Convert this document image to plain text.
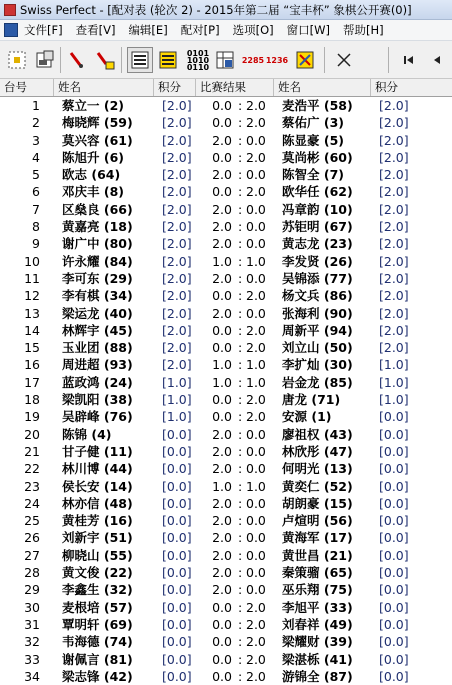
Swiss Perfect - [配对表 (轮次 2) - 2015年第二届 “宝丰杯” 象棋公开赛(0)]
文件[F] 查看[V] 编辑[E] 配对[P] 选项[O] 窗口[W] 帮助[H]
0101
1010
0110
2285 1236
台号	姓名	积分	比赛结果	姓名	积分
1 蔡立一 (2)	[2.0]	0.0 : 2.0 麦浩平 (58) [2.0]
2 梅晓辉 (59) [2.0]	0.0 : 2.0 蔡佑广 (3)	[2.0]
3 莫兴容 (61) [2.0]	2.0 : 0.0 陈显豪 (5)	[2.0]
4 陈旭升 (6)	[2.0]	0.0 : 2.0 莫尚彬 (60) [2.0]
5 欧志 (64)	[2.0]	2.0 : 0.0 陈智全 (7)	[2.0]
6 邓庆丰 (8)	[2.0]	0.0 : 2.0 欧华任 (62) [2.0]
7 区燊良 (66) [2.0]	2.0 : 0.0 冯章韵 (10) [2.0]
8 黄嘉亮 (18) [2.0]	2.0 : 0.0 苏钜明 (67) [2.0]
9 谢广中 (80) [2.0]	2.0 : 0.0 黄志龙 (23) [2.0]
10 许永耀 (84) [2.0]	1.0 : 1.0 李发贤 (26) [2.0]
11 李可东 (29) [2.0]	2.0 : 0.0 吴锦添 (77) [2.0]
12 李有棋 (34) [2.0]	0.0 : 2.0 杨文兵 (86) [2.0]
13 梁运龙 (40) [2.0]	2.0 : 0.0 张海利 (90) [2.0]
14 林辉宇 (45) [2.0]	0.0 : 2.0 周新平 (94) [2.0]
15 玉业团 (88) [2.0]	0.0 : 2.0 刘立山 (50) [2.0]
16 周进超 (93) [2.0]	1.0 : 1.0 李扩灿 (30) [1.0]
17 蓝政鸿 (24) [1.0]	1.0 : 1.0 岩金龙 (85) [1.0]
18 梁凯阳 (38) [1.0]	0.0 : 2.0 唐龙 (71)	[1.0]
19 吴辟峰 (76) [1.0]	0.0 : 2.0 安源 (1)	[0.0]
20 陈锦 (4)	[0.0]	2.0 : 0.0 廖祖权 (43) [0.0]
21 甘子健 (11) [0.0]	2.0 : 0.0 林欣彤 (47) [0.0]
22 林川博 (44) [0.0]	2.0 : 0.0 何明光 (13) [0.0]
23 侯长安 (14) [0.0]	1.0 : 1.0 黄奕仁 (52) [0.0]
24 林亦信 (48) [0.0]	2.0 : 0.0 胡朗豪 (15) [0.0]
25 黄桂芳 (16) [0.0]	2.0 : 0.0 卢煊明 (56) [0.0]
26 刘新宇 (51) [0.0]	2.0 : 0.0 黄海军 (17) [0.0]
27 柳晓山 (55) [0.0]	2.0 : 0.0 黄世昌 (21) [0.0]
28 黄文俊 (22) [0.0]	2.0 : 0.0 秦策骝 (65) [0.0]
29 李鑫生 (32) [0.0]	2.0 : 0.0 巫乐翔 (75) [0.0]
30 麦根培 (57) [0.0]	0.0 : 2.0 李旭平 (33) [0.0]
31 覃明轩 (69) [0.0]	0.0 : 2.0 刘春祥 (49) [0.0]
32 韦海德 (74) [0.0]	0.0 : 2.0 梁耀财 (39) [0.0]
33 谢佩言 (81) [0.0]	0.0 : 2.0 梁湛栎 (41) [0.0]
34 梁志锋 (42) [0.0]	0.0 : 2.0 游锦全 (87) [0.0]
